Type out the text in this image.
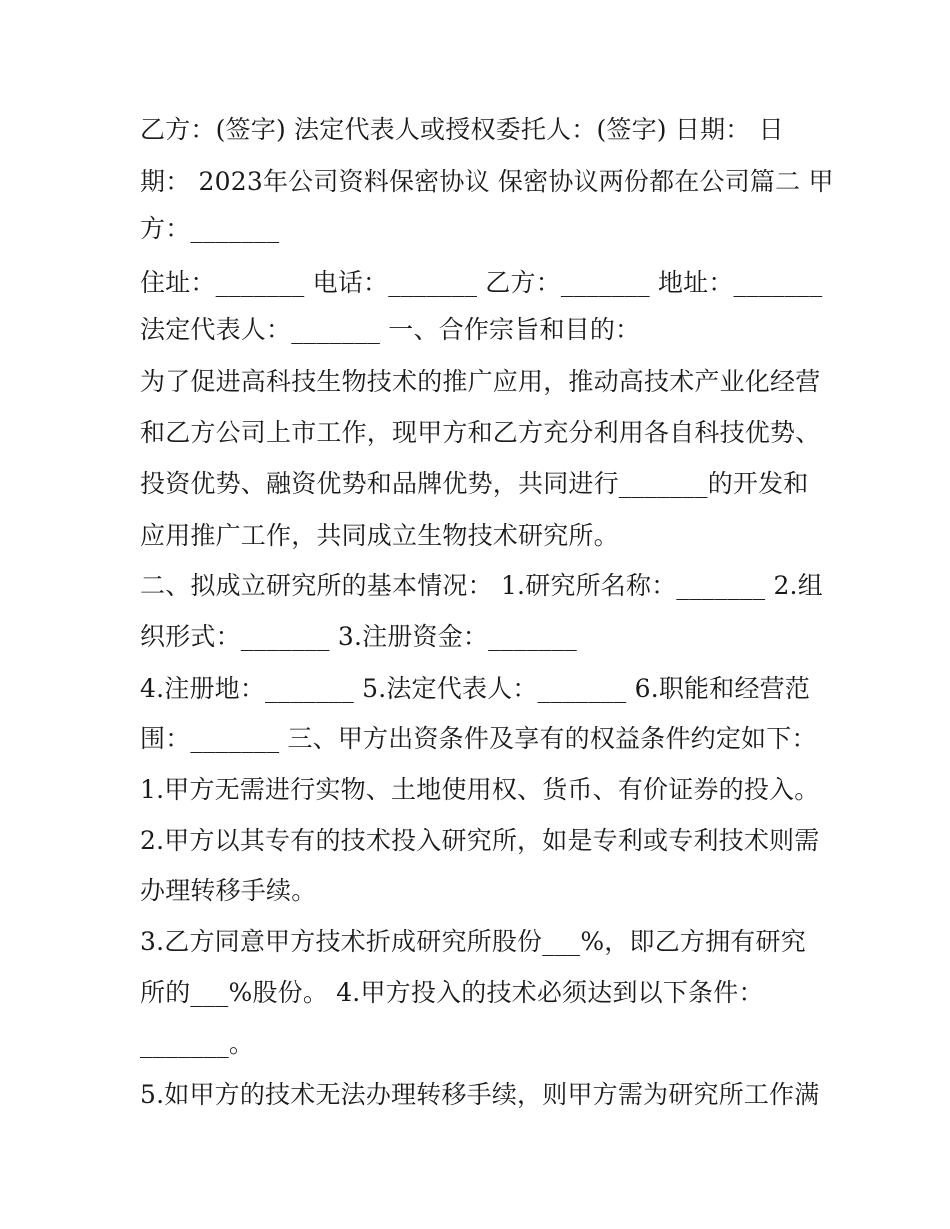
乙方：(签字) 法定代表人或授权委托人：(签字) 日期： 日
期： 2023年公司资料保密协议 保密协议两份都在公司篇二 甲
方：_______
住址：_______ 电话：_______ 乙方：_______ 地址：_______
法定代表人：_______ 一、合作宗旨和目的：
为了促进高科技生物技术的推广应用，推动高技术产业化经营
和乙方公司上市工作，现甲方和乙方充分利用各自科技优势、
投资优势、融资优势和品牌优势，共同进行_______的开发和
应用推广工作，共同成立生物技术研究所。
二、拟成立研究所的基本情况： 1.研究所名称：_______ 2.组
织形式：_______ 3.注册资金：_______
4.注册地：_______ 5.法定代表人：_______ 6.职能和经营范
围：_______ 三、甲方出资条件及享有的权益条件约定如下：
1.甲方无需进行实物、土地使用权、货币、有价证券的投入。
2.甲方以其专有的技术投入研究所，如是专利或专利技术则需
办理转移手续。
3.乙方同意甲方技术折成研究所股份___%，即乙方拥有研究
所的___%股份。 4.甲方投入的技术必须达到以下条件：
_______。
5.如甲方的技术无法办理转移手续，则甲方需为研究所工作满
